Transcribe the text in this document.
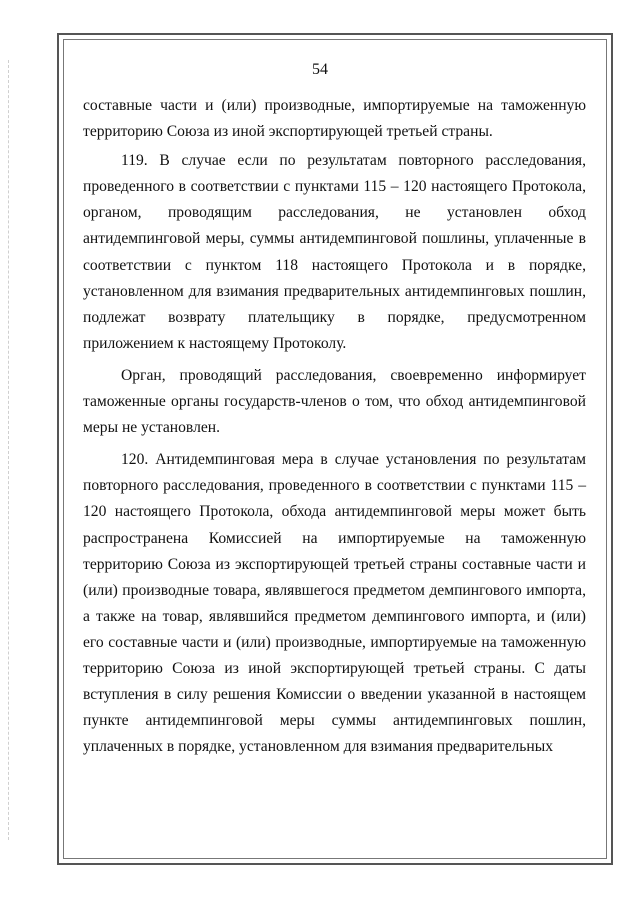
54

составные части и (или) производные, импортируемые на таможенную территорию Союза из иной экспортирующей третьей страны.

119. В случае если по результатам повторного расследования, проведенного в соответствии с пунктами 115 – 120 настоящего Протокола, органом, проводящим расследования, не установлен обход антидемпинговой меры, суммы антидемпинговой пошлины, уплаченные в соответствии с пунктом 118 настоящего Протокола и в порядке, установленном для взимания предварительных антидемпинговых пошлин, подлежат возврату плательщику в порядке, предусмотренном приложением к настоящему Протоколу.

Орган, проводящий расследования, своевременно информирует таможенные органы государств-членов о том, что обход антидемпинговой меры не установлен.

120. Антидемпинговая мера в случае установления по результатам повторного расследования, проведенного в соответствии с пунктами 115 – 120 настоящего Протокола, обхода антидемпинговой меры может быть распространена Комиссией на импортируемые на таможенную территорию Союза из экспортирующей третьей страны составные части и (или) производные товара, являвшегося предметом демпингового импорта, а также на товар, являвшийся предметом демпингового импорта, и (или) его составные части и (или) производные, импортируемые на таможенную территорию Союза из иной экспортирующей третьей страны. С даты вступления в силу решения Комиссии о введении указанной в настоящем пункте антидемпинговой меры суммы антидемпинговых пошлин, уплаченных в порядке, установленном для взимания предварительных
